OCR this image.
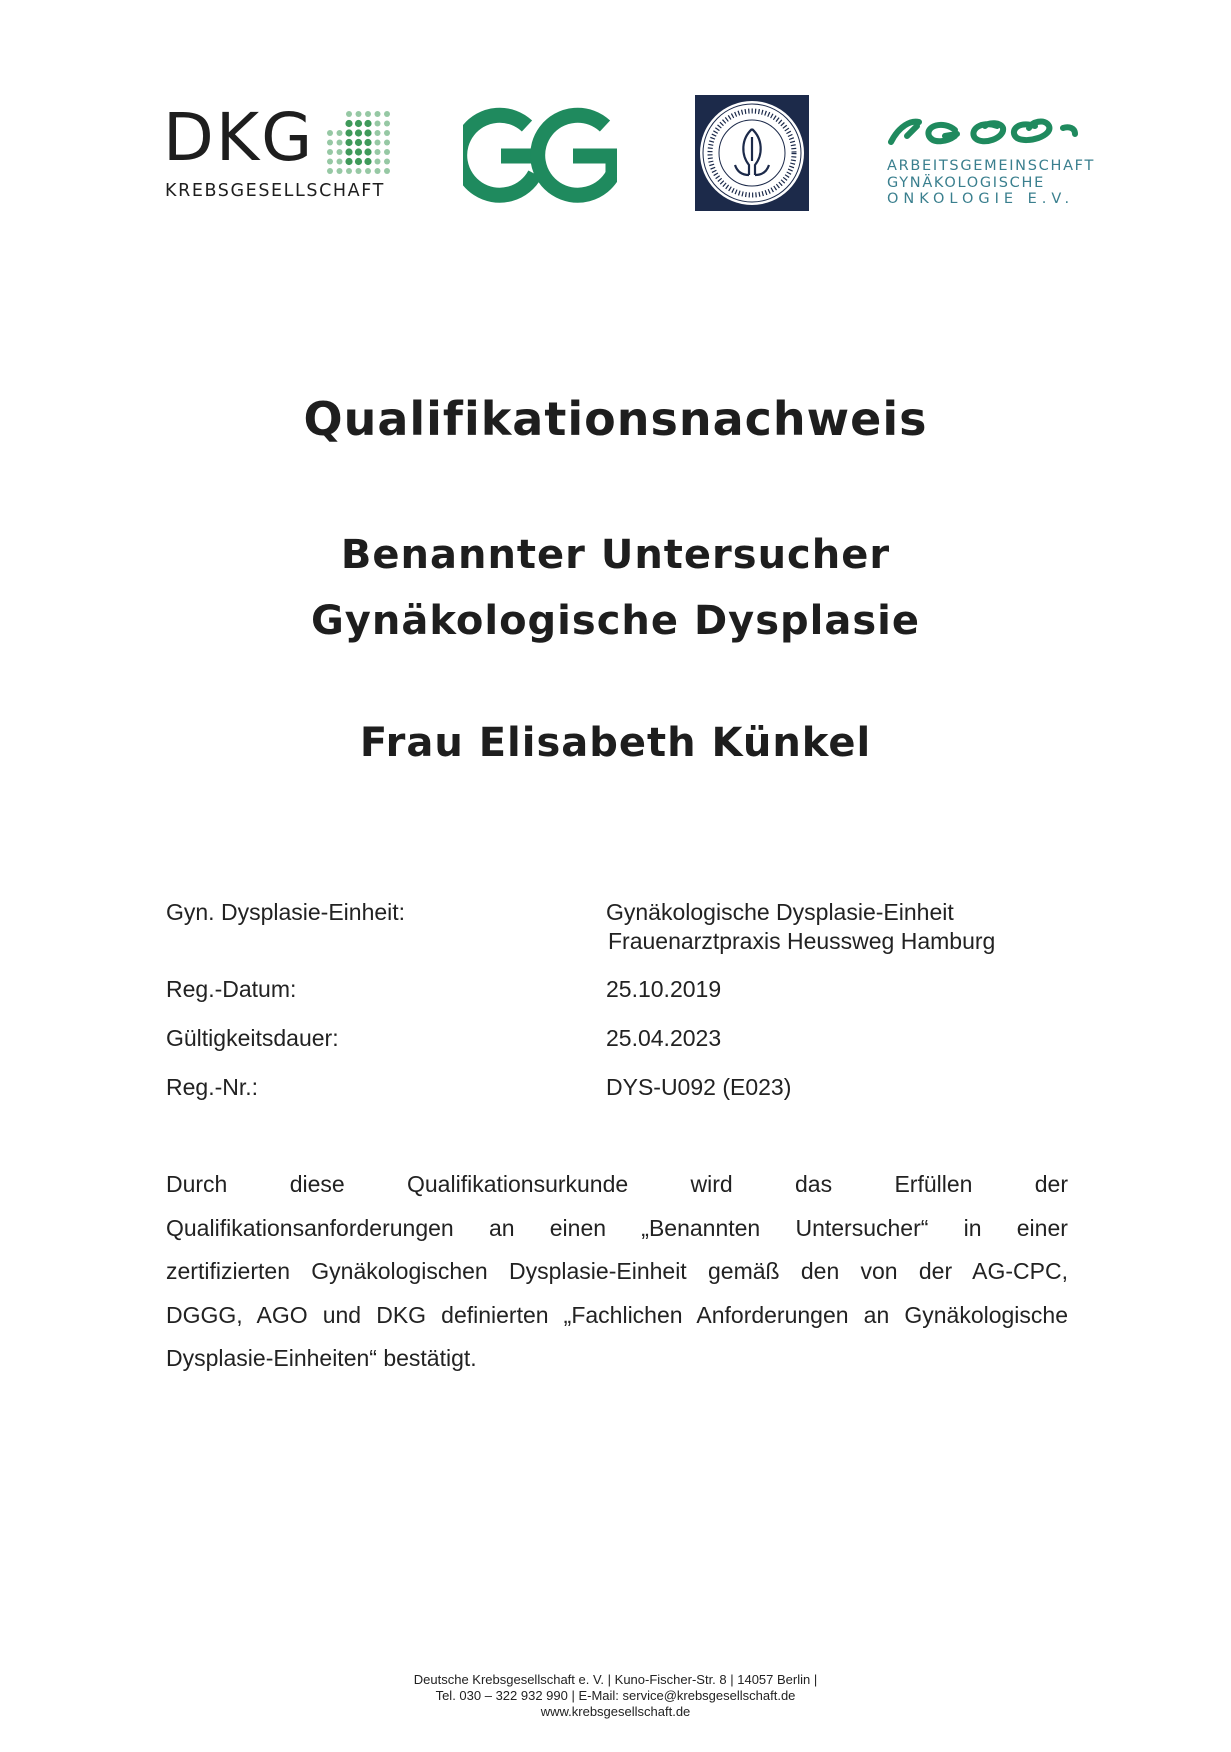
DKG
KREBSGESELLSCHAFT
ARBEITSGEMEINSCHAFT
GYNÄKOLOGISCHE
ONKOLOGIE E.V.
Qualifikationsnachweis
Benannter Untersucher
Gynäkologische Dysplasie
Frau Elisabeth Künkel
Gyn. Dysplasie-Einheit:	Gynäkologische Dysplasie-Einheit
Frauenarztpraxis Heussweg Hamburg
Reg.-Datum:	25.10.2019
Gültigkeitsdauer:	25.04.2023
Reg.-Nr.:	DYS-U092 (E023)
Durch	diese	Qualifikationsurkunde	wird	das	Erfüllen	der
Qualifikationsanforderungen an einen „Benannten Untersucher“ in einer
zertifizierten Gynäkologischen Dysplasie-Einheit gemäß den von der AG-CPC,
DGGG, AGO und DKG definierten „Fachlichen Anforderungen an Gynäkologische
Dysplasie-Einheiten“ bestätigt.
Deutsche Krebsgesellschaft e. V. | Kuno-Fischer-Str. 8 | 14057 Berlin |
Tel. 030 – 322 932 990 | E-Mail: service@krebsgesellschaft.de
www.krebsgesellschaft.de
